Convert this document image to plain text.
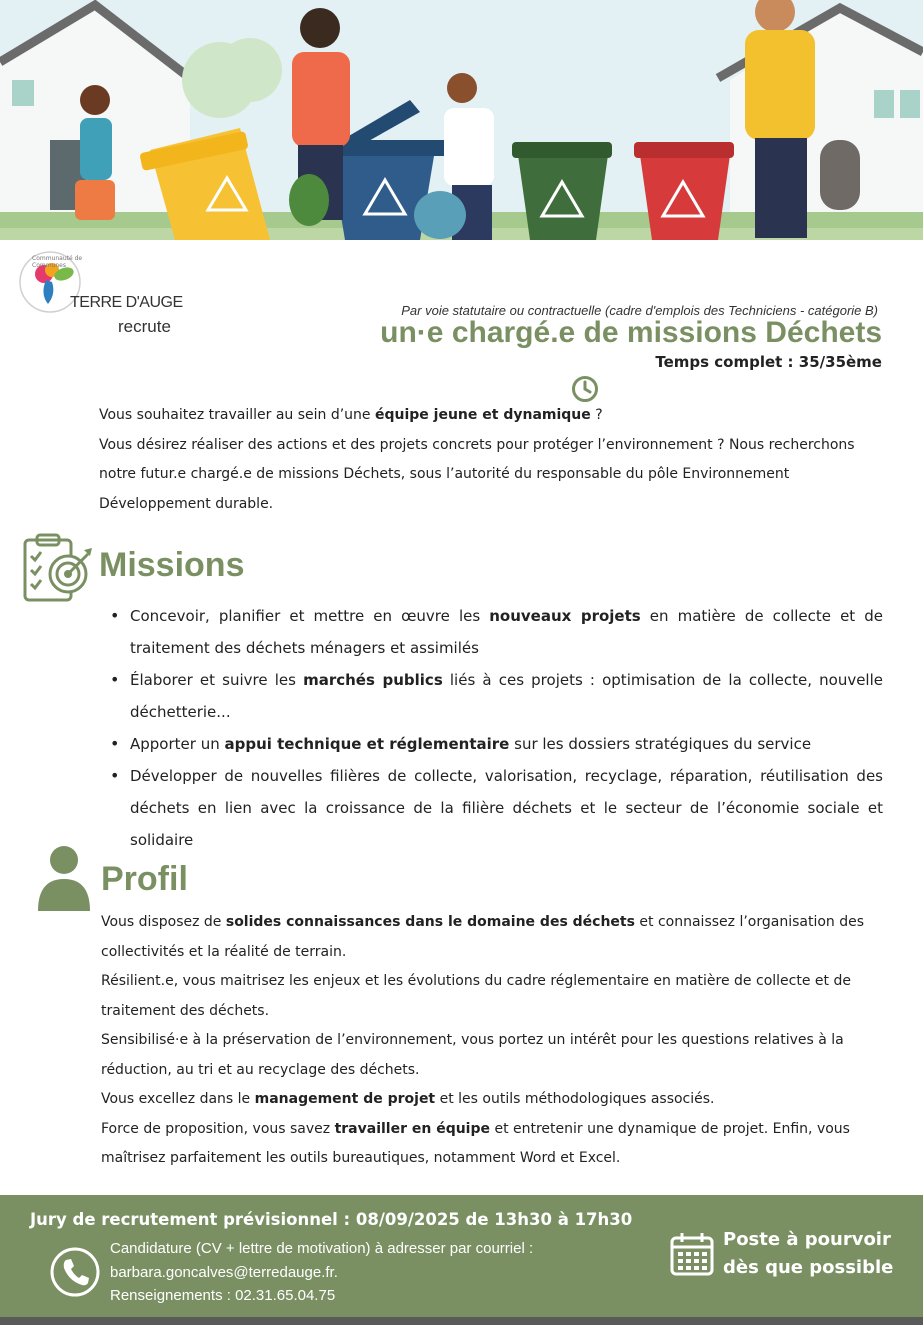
Communauté de Communes
TERRE D'AUGE
recrute
Par voie statutaire ou contractuelle (cadre d'emplois des Techniciens - catégorie B)
un·e chargé.e de missions Déchets
Temps complet : 35/35ème
Vous souhaitez travailler au sein d’une équipe jeune et dynamique ?
Vous désirez réaliser des actions et des projets concrets pour protéger l’environnement ? Nous recherchons notre futur.e chargé.e de missions Déchets, sous l’autorité du responsable du pôle Environnement Développement durable.
Missions
• Concevoir, planifier et mettre en œuvre les nouveaux projets en matière de collecte et de traitement des déchets ménagers et assimilés
• Élaborer et suivre les marchés publics liés à ces projets : optimisation de la collecte, nouvelle déchetterie...
• Apporter un appui technique et réglementaire sur les dossiers stratégiques du service
• Développer de nouvelles filières de collecte, valorisation, recyclage, réparation, réutilisation des déchets en lien avec la croissance de la filière déchets et le secteur de l’économie sociale et solidaire
Profil

Vous disposez de solides connaissances dans le domaine des déchets et connaissez l’organisation des collectivités et la réalité de terrain.

Résilient.e, vous maitrisez les enjeux et les évolutions du cadre réglementaire en matière de collecte et de traitement des déchets.

Sensibilisé·e à la préservation de l’environnement, vous portez un intérêt pour les questions relatives à la réduction, au tri et au recyclage des déchets.

Vous excellez dans le management de projet et les outils méthodologiques associés.

Force de proposition, vous savez travailler en équipe et entretenir une dynamique de projet. Enfin, vous maîtrisez parfaitement les outils bureautiques, notamment Word et Excel.

Jury de recrutement prévisionnel : 08/09/2025 de 13h30 à 17h30
Candidature (CV + lettre de motivation) à adresser par courriel :
barbara.goncalves@terredauge.fr.
Renseignements : 02.31.65.04.75
Poste à pourvoir
dès que possible
